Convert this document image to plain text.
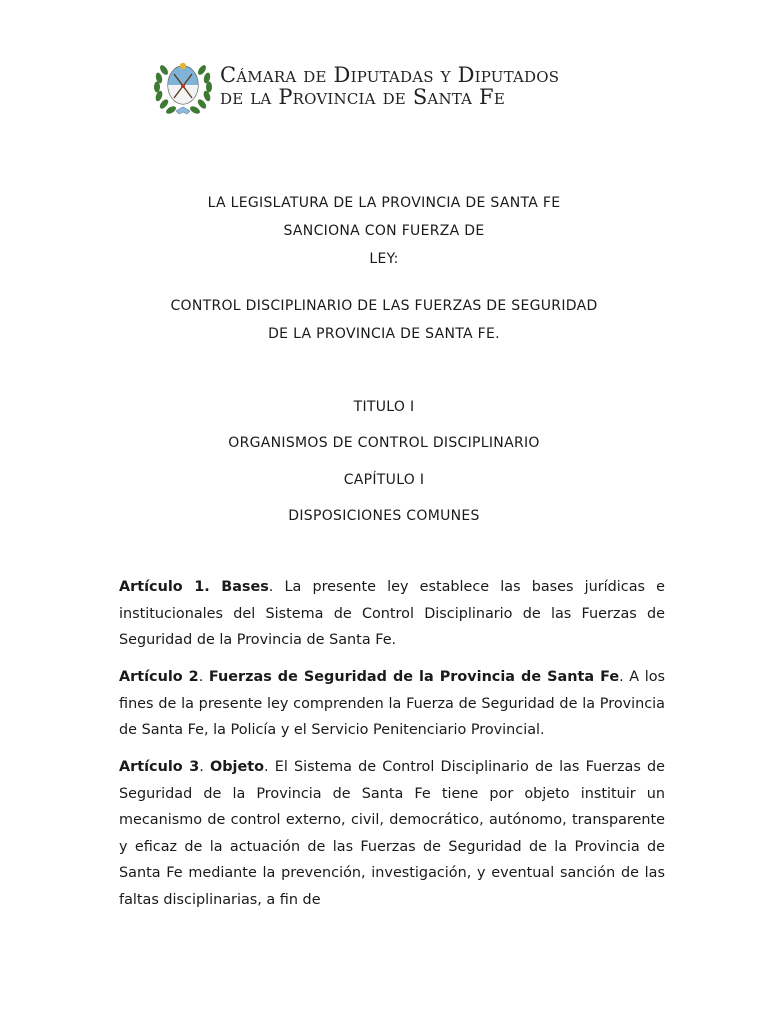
Cámara de Diputadas y Diputados
de la Provincia de Santa Fe
LA LEGISLATURA DE LA PROVINCIA DE SANTA FE
SANCIONA CON FUERZA DE
LEY:
CONTROL DISCIPLINARIO DE LAS FUERZAS DE SEGURIDAD
DE LA PROVINCIA DE SANTA FE.
TITULO I
ORGANISMOS DE CONTROL DISCIPLINARIO
CAPÍTULO I
DISPOSICIONES COMUNES

Artículo 1. Bases. La presente ley establece las bases jurídicas e institucionales del Sistema de Control Disciplinario de las Fuerzas de Seguridad de la Provincia de Santa Fe.

Artículo 2. Fuerzas de Seguridad de la Provincia de Santa Fe. A los fines de la presente ley comprenden la Fuerza de Seguridad de la Provincia de Santa Fe, la Policía y el Servicio Penitenciario Provincial.

Artículo 3. Objeto. El Sistema de Control Disciplinario de las Fuerzas de Seguridad de la Provincia de Santa Fe tiene por objeto instituir un mecanismo de control externo, civil, democrático, autónomo, transparente y eficaz de la actuación de las Fuerzas de Seguridad de la Provincia de Santa Fe mediante la prevención, investigación, y eventual sanción de las faltas disciplinarias, a fin de
